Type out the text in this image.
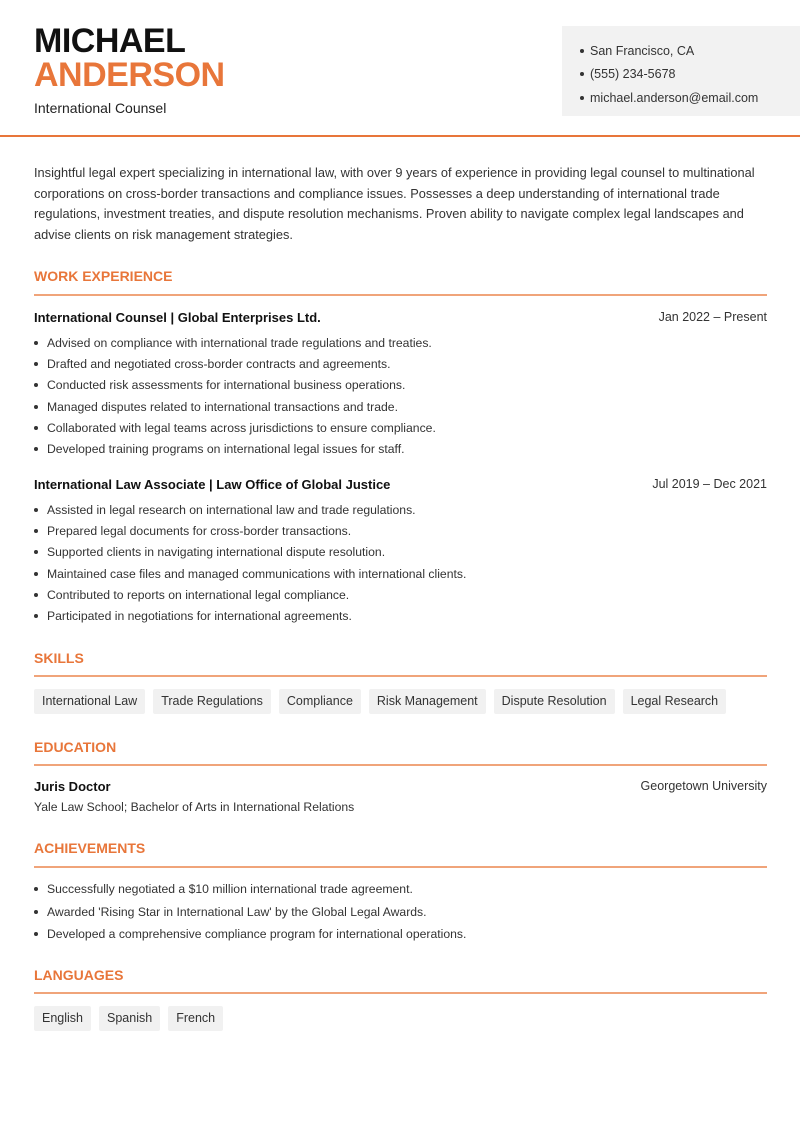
MICHAEL
ANDERSON
International Counsel
San Francisco, CA
(555) 234-5678
michael.anderson@email.com

Insightful legal expert specializing in international law, with over 9 years of experience in providing legal counsel to multinational corporations on cross-border transactions and compliance issues. Possesses a deep understanding of international trade regulations, investment treaties, and dispute resolution mechanisms. Proven ability to navigate complex legal landscapes and advise clients on risk management strategies.

WORK EXPERIENCE
International Counsel | Global Enterprises Ltd.	Jan 2022 – Present
Advised on compliance with international trade regulations and treaties.
Drafted and negotiated cross-border contracts and agreements.
Conducted risk assessments for international business operations.
Managed disputes related to international transactions and trade.
Collaborated with legal teams across jurisdictions to ensure compliance.
Developed training programs on international legal issues for staff.
International Law Associate | Law Office of Global Justice	Jul 2019 – Dec 2021
Assisted in legal research on international law and trade regulations.
Prepared legal documents for cross-border transactions.
Supported clients in navigating international dispute resolution.
Maintained case files and managed communications with international clients.
Contributed to reports on international legal compliance.
Participated in negotiations for international agreements.
SKILLS
International Law	Trade Regulations	Compliance	Risk Management	Dispute Resolution	Legal Research
EDUCATION
Juris Doctor	Georgetown University
Yale Law School; Bachelor of Arts in International Relations
ACHIEVEMENTS
Successfully negotiated a $10 million international trade agreement.
Awarded 'Rising Star in International Law' by the Global Legal Awards.
Developed a comprehensive compliance program for international operations.
LANGUAGES
English	Spanish	French
